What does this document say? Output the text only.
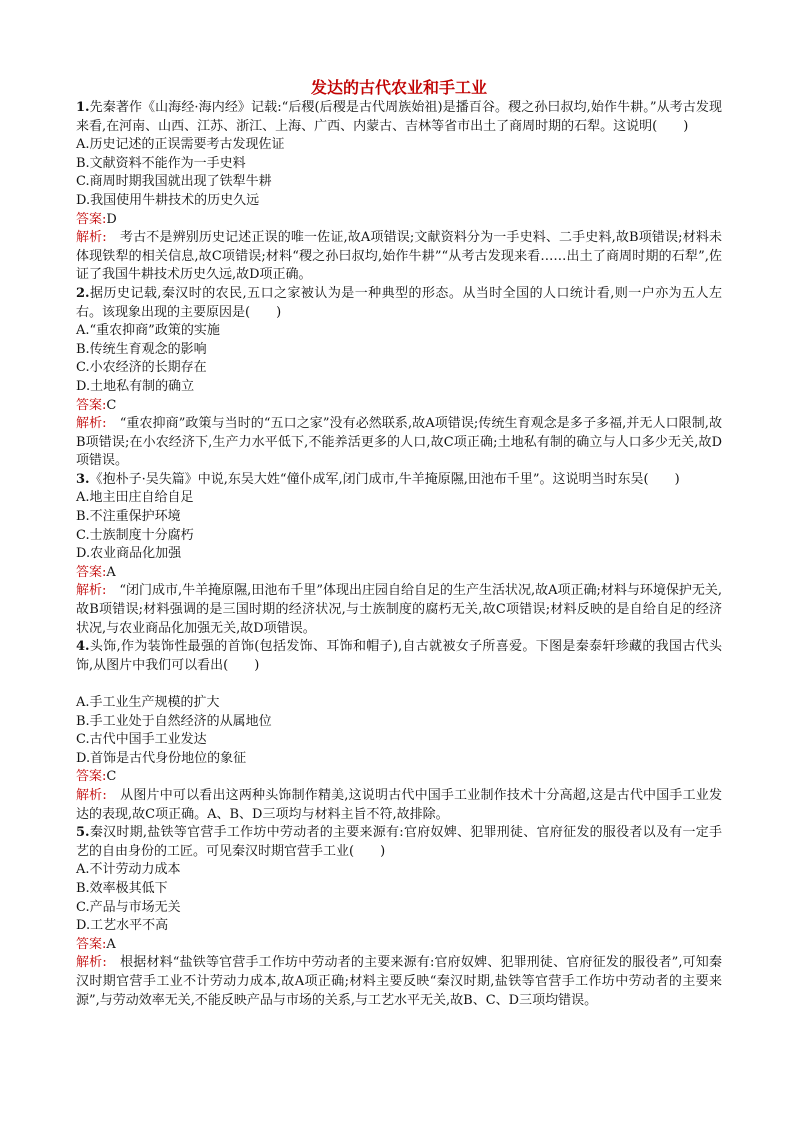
发达的古代农业和手工业

1.先秦著作《山海经·海内经》记载:“后稷(后稷是古代周族始祖)是播百谷。稷之孙曰叔均,始作牛耕。”从考古发现来看,在河南、山西、江苏、浙江、上海、广西、内蒙古、吉林等省市出土了商周时期的石犁。这说明(　　)

A.历史记述的正误需要考古发现佐证

B.文献资料不能作为一手史料

C.商周时期我国就出现了铁犁牛耕

D.我国使用牛耕技术的历史久远

答案:D

解析:　 考古不是辨别历史记述正误的唯一佐证,故A项错误;文献资料分为一手史料、二手史料,故B项错误;材料未体现铁犁的相关信息,故C项错误;材料“稷之孙曰叔均,始作牛耕”“从考古发现来看……出土了商周时期的石犁”,佐证了我国牛耕技术历史久远,故D项正确。

2.据历史记载,秦汉时的农民,五口之家被认为是一种典型的形态。从当时全国的人口统计看,则一户亦为五人左右。该现象出现的主要原因是(　　)

A.“重农抑商”政策的实施

B.传统生育观念的影响

C.小农经济的长期存在

D.土地私有制的确立

答案:C

解析:　 “重农抑商”政策与当时的“五口之家”没有必然联系,故A项错误;传统生育观念是多子多福,并无人口限制,故B项错误;在小农经济下,生产力水平低下,不能养活更多的人口,故C项正确;土地私有制的确立与人口多少无关,故D项错误。

3.《抱朴子·吴失篇》中说,东吴大姓“僮仆成军,闭门成市,牛羊掩原隰,田池布千里”。这说明当时东吴(　　)

A.地主田庄自给自足

B.不注重保护环境

C.士族制度十分腐朽

D.农业商品化加强

答案:A

解析:　 “闭门成市,牛羊掩原隰,田池布千里”体现出庄园自给自足的生产生活状况,故A项正确;材料与环境保护无关,故B项错误;材料强调的是三国时期的经济状况,与士族制度的腐朽无关,故C项错误;材料反映的是自给自足的经济状况,与农业商品化加强无关,故D项错误。

4.头饰,作为装饰性最强的首饰(包括发饰、耳饰和帽子),自古就被女子所喜爱。下图是秦泰轩珍藏的我国古代头饰,从图片中我们可以看出(　　)

A.手工业生产规模的扩大

B.手工业处于自然经济的从属地位

C.古代中国手工业发达

D.首饰是古代身份地位的象征

答案:C

解析:　 从图片中可以看出这两种头饰制作精美,这说明古代中国手工业制作技术十分高超,这是古代中国手工业发达的表现,故C项正确。A、B、D三项均与材料主旨不符,故排除。

5.秦汉时期,盐铁等官营手工作坊中劳动者的主要来源有:官府奴婢、犯罪刑徒、官府征发的服役者以及有一定手艺的自由身份的工匠。可见秦汉时期官营手工业(　　)

A.不计劳动力成本

B.效率极其低下

C.产品与市场无关

D.工艺水平不高

答案:A

解析:　 根据材料“盐铁等官营手工作坊中劳动者的主要来源有:官府奴婢、犯罪刑徒、官府征发的服役者”,可知秦汉时期官营手工业不计劳动力成本,故A项正确;材料主要反映“秦汉时期,盐铁等官营手工作坊中劳动者的主要来源”,与劳动效率无关,不能反映产品与市场的关系,与工艺水平无关,故B、C、D三项均错误。
